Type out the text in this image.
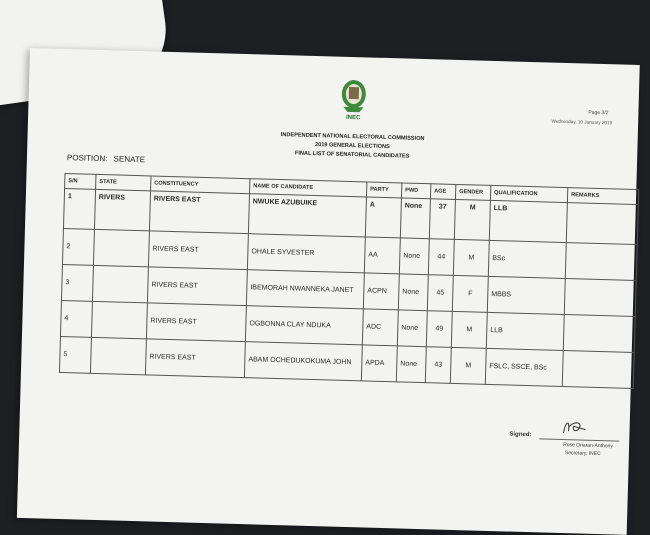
INEC
INDEPENDENT NATIONAL ELECTORAL COMMISSION
2019 GENERAL ELECTIONS
FINAL LIST OF SENATORIAL CANDIDATES
Page 3/2
Wednesday, 10 January 2019
POSITION: SENATE
S/N	STATE	CONSTITUENCY	NAME OF CANDIDATE	PARTY	PWD	AGE	GENDER	QUALIFICATION	REMARKS
1	RIVERS	RIVERS EAST	NWUKE AZUBUIKE	A	None	37	M	LLB	
2		RIVERS EAST	OHALE SYVESTER	AA	None	44	M	BSc	
3		RIVERS EAST	IBEMORAH NWANNEKA JANET	ACPN	None	45	F	MBBS	
4		RIVERS EAST	OGBONNA CLAY NDUKA	ADC	None	49	M	LLB	
5		RIVERS EAST	ABAM OCHEDUKOKUMA JOHN	APDA	None	43	M	FSLC, SSCE, BSc	
Signed:
Rose Oriaran-Anthony
Secretary, INEC
